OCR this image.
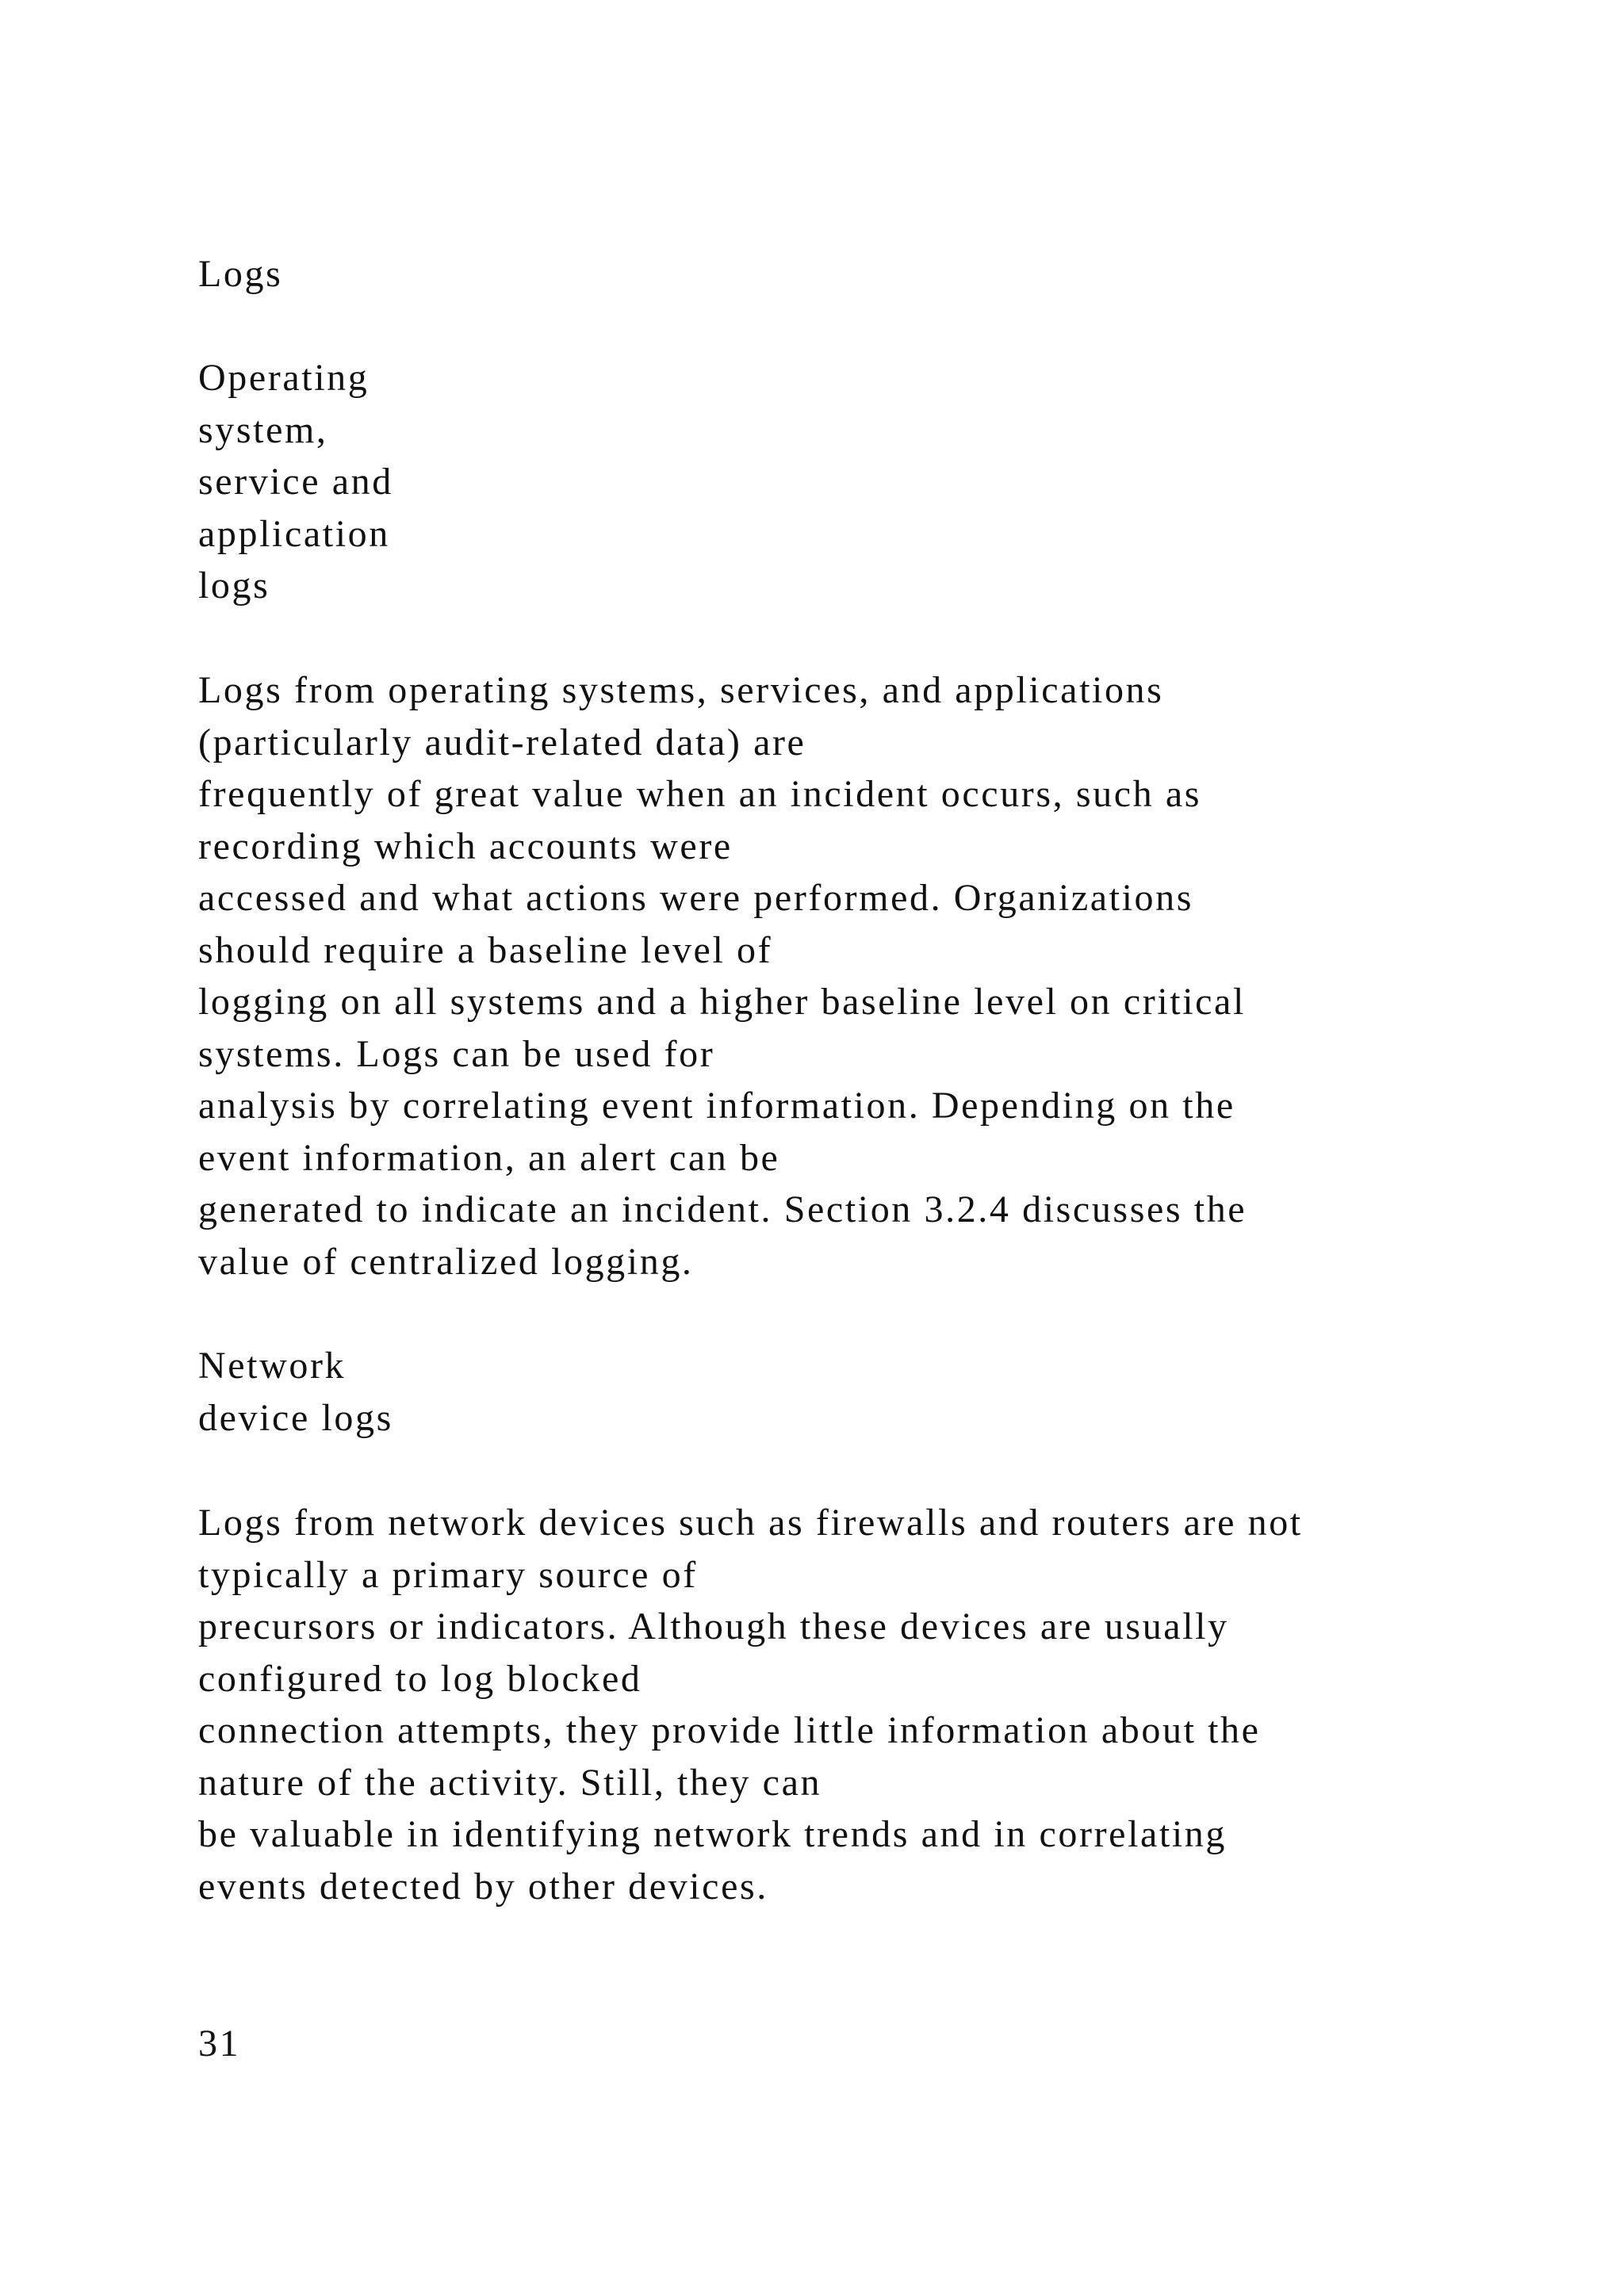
Logs
Operating
system,
service and
application
logs
Logs from operating systems, services, and applications
(particularly audit-related data) are
frequently of great value when an incident occurs, such as
recording which accounts were
accessed and what actions were performed. Organizations
should require a baseline level of
logging on all systems and a higher baseline level on critical
systems. Logs can be used for
analysis by correlating event information. Depending on the
event information, an alert can be
generated to indicate an incident. Section 3.2.4 discusses the
value of centralized logging.
Network
device logs
Logs from network devices such as firewalls and routers are not
typically a primary source of
precursors or indicators. Although these devices are usually
configured to log blocked
connection attempts, they provide little information about the
nature of the activity. Still, they can
be valuable in identifying network trends and in correlating
events detected by other devices.
31
